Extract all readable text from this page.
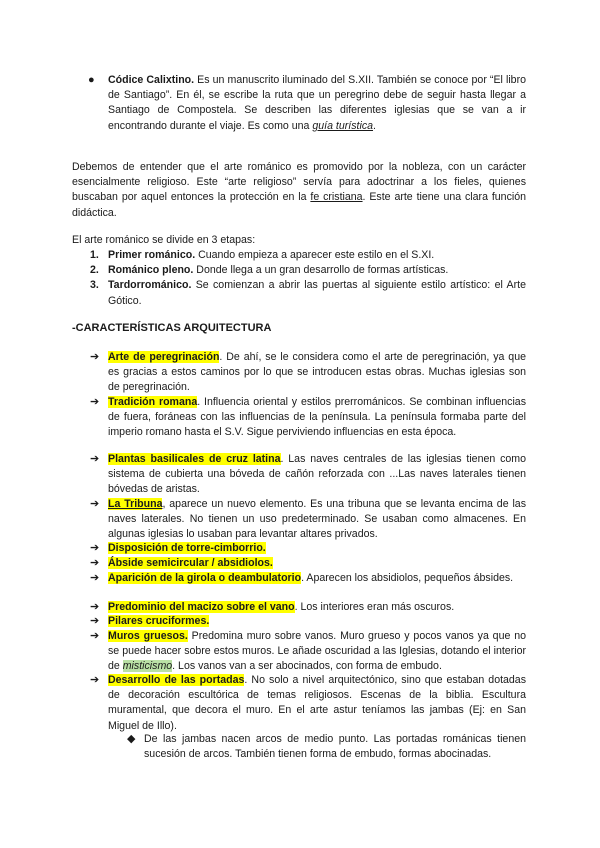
● Códice Calixtino. Es un manuscrito iluminado del S.XII. También se conoce por “El libro de Santiago”. En él, se escribe la ruta que un peregrino debe de seguir hasta llegar a Santiago de Compostela. Se describen las diferentes iglesias que se van a ir encontrando durante el viaje. Es como una guía turística.
Debemos de entender que el arte románico es promovido por la nobleza, con un carácter esencialmente religioso. Este “arte religioso” servía para adoctrinar a los fieles, quienes buscaban por aquel entonces la protección en la fe cristiana. Este arte tiene una clara función didáctica.
El arte románico se divide en 3 etapas:
1. Primer románico. Cuando empieza a aparecer este estilo en el S.XI.
2. Románico pleno. Donde llega a un gran desarrollo de formas artísticas.
3. Tardorrománico. Se comienzan a abrir las puertas al siguiente estilo artístico: el Arte Gótico.
-CARACTERÍSTICAS ARQUITECTURA
➔ Arte de peregrinación. De ahí, se le considera como el arte de peregrinación, ya que es gracias a estos caminos por lo que se introducen estas obras. Muchas iglesias son de peregrinación.
➔ Tradición romana. Influencia oriental y estilos prerrománicos. Se combinan influencias de fuera, foráneas con las influencias de la península. La península formaba parte del imperio romano hasta el S.V. Sigue perviviendo influencias en esta época.
➔ Plantas basilicales de cruz latina. Las naves centrales de las iglesias tienen como sistema de cubierta una bóveda de cañón reforzada con ...Las naves laterales tienen bóvedas de aristas.
➔ La Tribuna, aparece un nuevo elemento. Es una tribuna que se levanta encima de las naves laterales. No tienen un uso predeterminado. Se usaban como almacenes. En algunas iglesias lo usaban para levantar altares privados.
➔ Disposición de torre-cimborrio.
➔ Ábside semicircular / absidiolos.
➔ Aparición de la girola o deambulatorio. Aparecen los absidiolos, pequeños ábsides.
➔ Predominio del macizo sobre el vano. Los interiores eran más oscuros.
➔ Pilares cruciformes.
➔ Muros gruesos. Predomina muro sobre vanos. Muro grueso y pocos vanos ya que no se puede hacer sobre estos muros. Le añade oscuridad a las Iglesias, dotando el interior de misticismo. Los vanos van a ser abocinados, con forma de embudo.
➔ Desarrollo de las portadas. No solo a nivel arquitectónico, sino que estaban dotadas de decoración escultórica de temas religiosos. Escenas de la biblia. Escultura muramental, que decora el muro. En el arte astur teníamos las jambas (Ej: en San Miguel de Illo).
◆ De las jambas nacen arcos de medio punto. Las portadas románicas tienen sucesión de arcos. También tienen forma de embudo, formas abocinadas.
